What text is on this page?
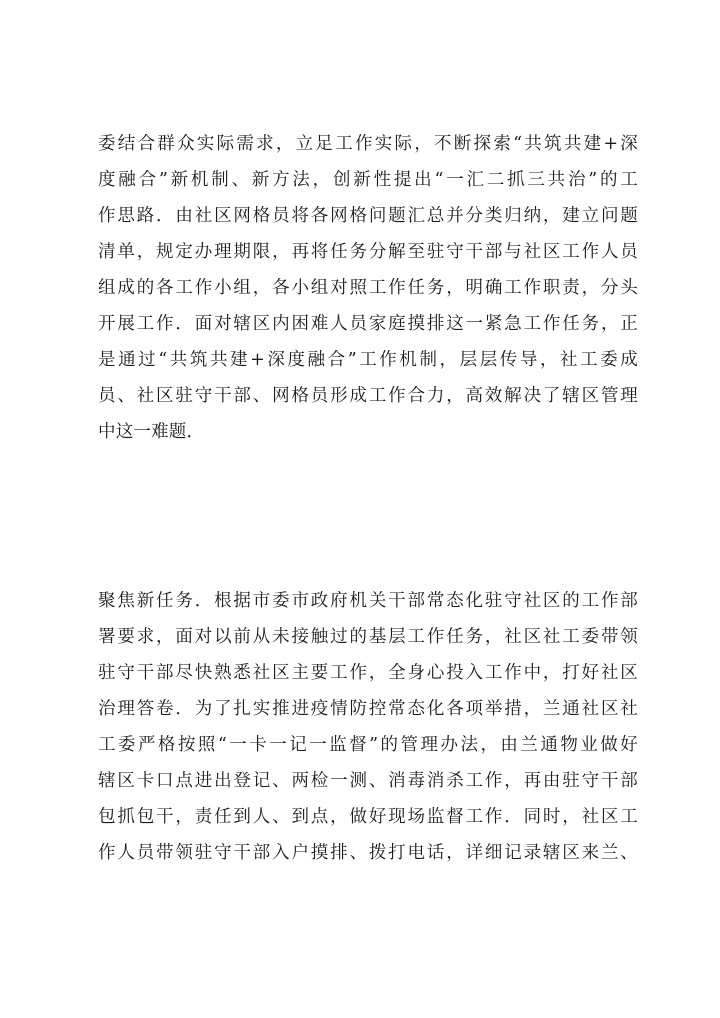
委结合群众实际需求，立足工作实际，不断探索“共筑共建+深
度融合”新机制、新方法，创新性提出“一汇二抓三共治”的工
作思路．由社区网格员将各网格问题汇总并分类归纳，建立问题
清单，规定办理期限，再将任务分解至驻守干部与社区工作人员
组成的各工作小组，各小组对照工作任务，明确工作职责，分头
开展工作．面对辖区内困难人员家庭摸排这一紧急工作任务，正
是通过“共筑共建+深度融合”工作机制，层层传导，社工委成
员、社区驻守干部、网格员形成工作合力，高效解决了辖区管理
中这一难题．
聚焦新任务．根据市委市政府机关干部常态化驻守社区的工作部
署要求，面对以前从未接触过的基层工作任务，社区社工委带领
驻守干部尽快熟悉社区主要工作，全身心投入工作中，打好社区
治理答卷．为了扎实推进疫情防控常态化各项举措，兰通社区社
工委严格按照“一卡一记一监督”的管理办法，由兰通物业做好
辖区卡口点进出登记、两检一测、消毒消杀工作，再由驻守干部
包抓包干，责任到人、到点，做好现场监督工作．同时，社区工
作人员带领驻守干部入户摸排、拨打电话，详细记录辖区来兰、
